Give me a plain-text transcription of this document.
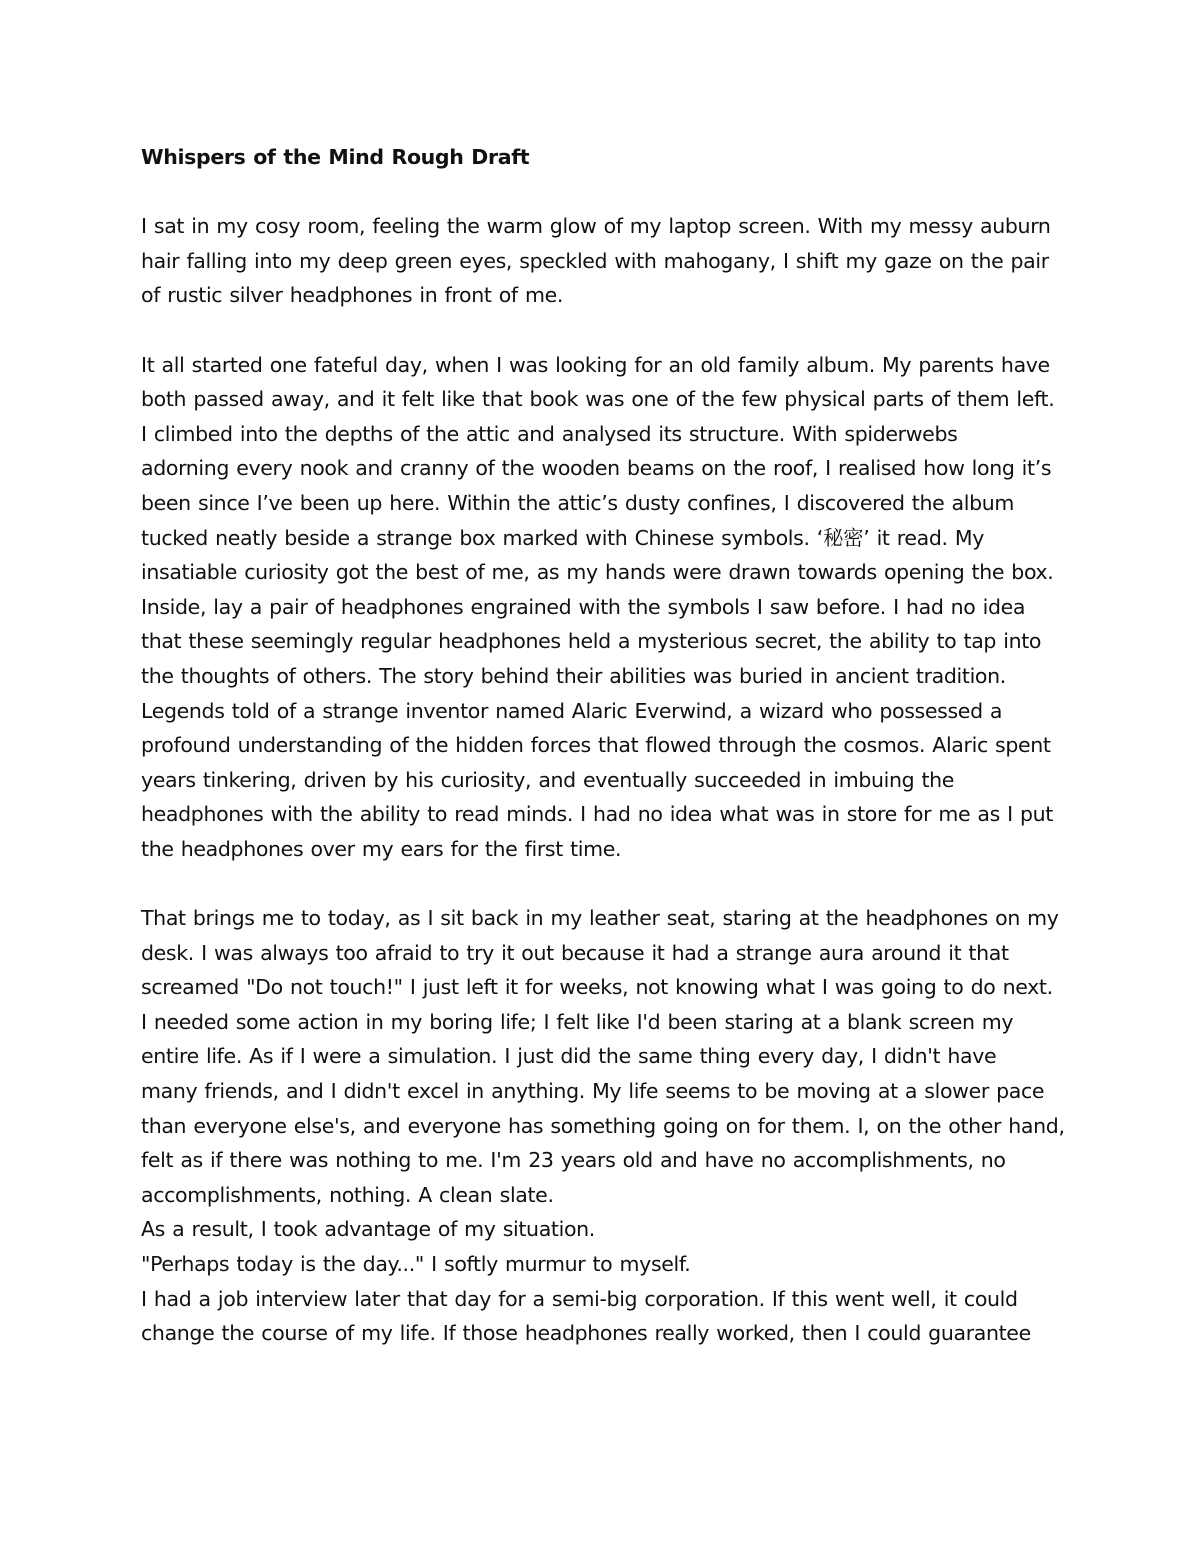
Whispers of the Mind Rough Draft
I sat in my cosy room, feeling the warm glow of my laptop screen. With my messy auburn
hair falling into my deep green eyes, speckled with mahogany, I shift my gaze on the pair
of rustic silver headphones in front of me.
It all started one fateful day, when I was looking for an old family album. My parents have
both passed away, and it felt like that book was one of the few physical parts of them left.
I climbed into the depths of the attic and analysed its structure. With spiderwebs
adorning every nook and cranny of the wooden beams on the roof, I realised how long it’s
been since I’ve been up here. Within the attic’s dusty confines, I discovered the album
tucked neatly beside a strange box marked with Chinese symbols. ‘秘密’ it read. My
insatiable curiosity got the best of me, as my hands were drawn towards opening the box.
Inside, lay a pair of headphones engrained with the symbols I saw before. I had no idea
that these seemingly regular headphones held a mysterious secret, the ability to tap into
the thoughts of others. The story behind their abilities was buried in ancient tradition.
Legends told of a strange inventor named Alaric Everwind, a wizard who possessed a
profound understanding of the hidden forces that flowed through the cosmos. Alaric spent
years tinkering, driven by his curiosity, and eventually succeeded in imbuing the
headphones with the ability to read minds. I had no idea what was in store for me as I put
the headphones over my ears for the first time.
That brings me to today, as I sit back in my leather seat, staring at the headphones on my
desk. I was always too afraid to try it out because it had a strange aura around it that
screamed "Do not touch!" I just left it for weeks, not knowing what I was going to do next.
I needed some action in my boring life; I felt like I'd been staring at a blank screen my
entire life. As if I were a simulation. I just did the same thing every day, I didn't have
many friends, and I didn't excel in anything. My life seems to be moving at a slower pace
than everyone else's, and everyone has something going on for them. I, on the other hand,
felt as if there was nothing to me. I'm 23 years old and have no accomplishments, no
accomplishments, nothing. A clean slate.
As a result, I took advantage of my situation.
"Perhaps today is the day..." I softly murmur to myself.
I had a job interview later that day for a semi-big corporation. If this went well, it could
change the course of my life. If those headphones really worked, then I could guarantee
